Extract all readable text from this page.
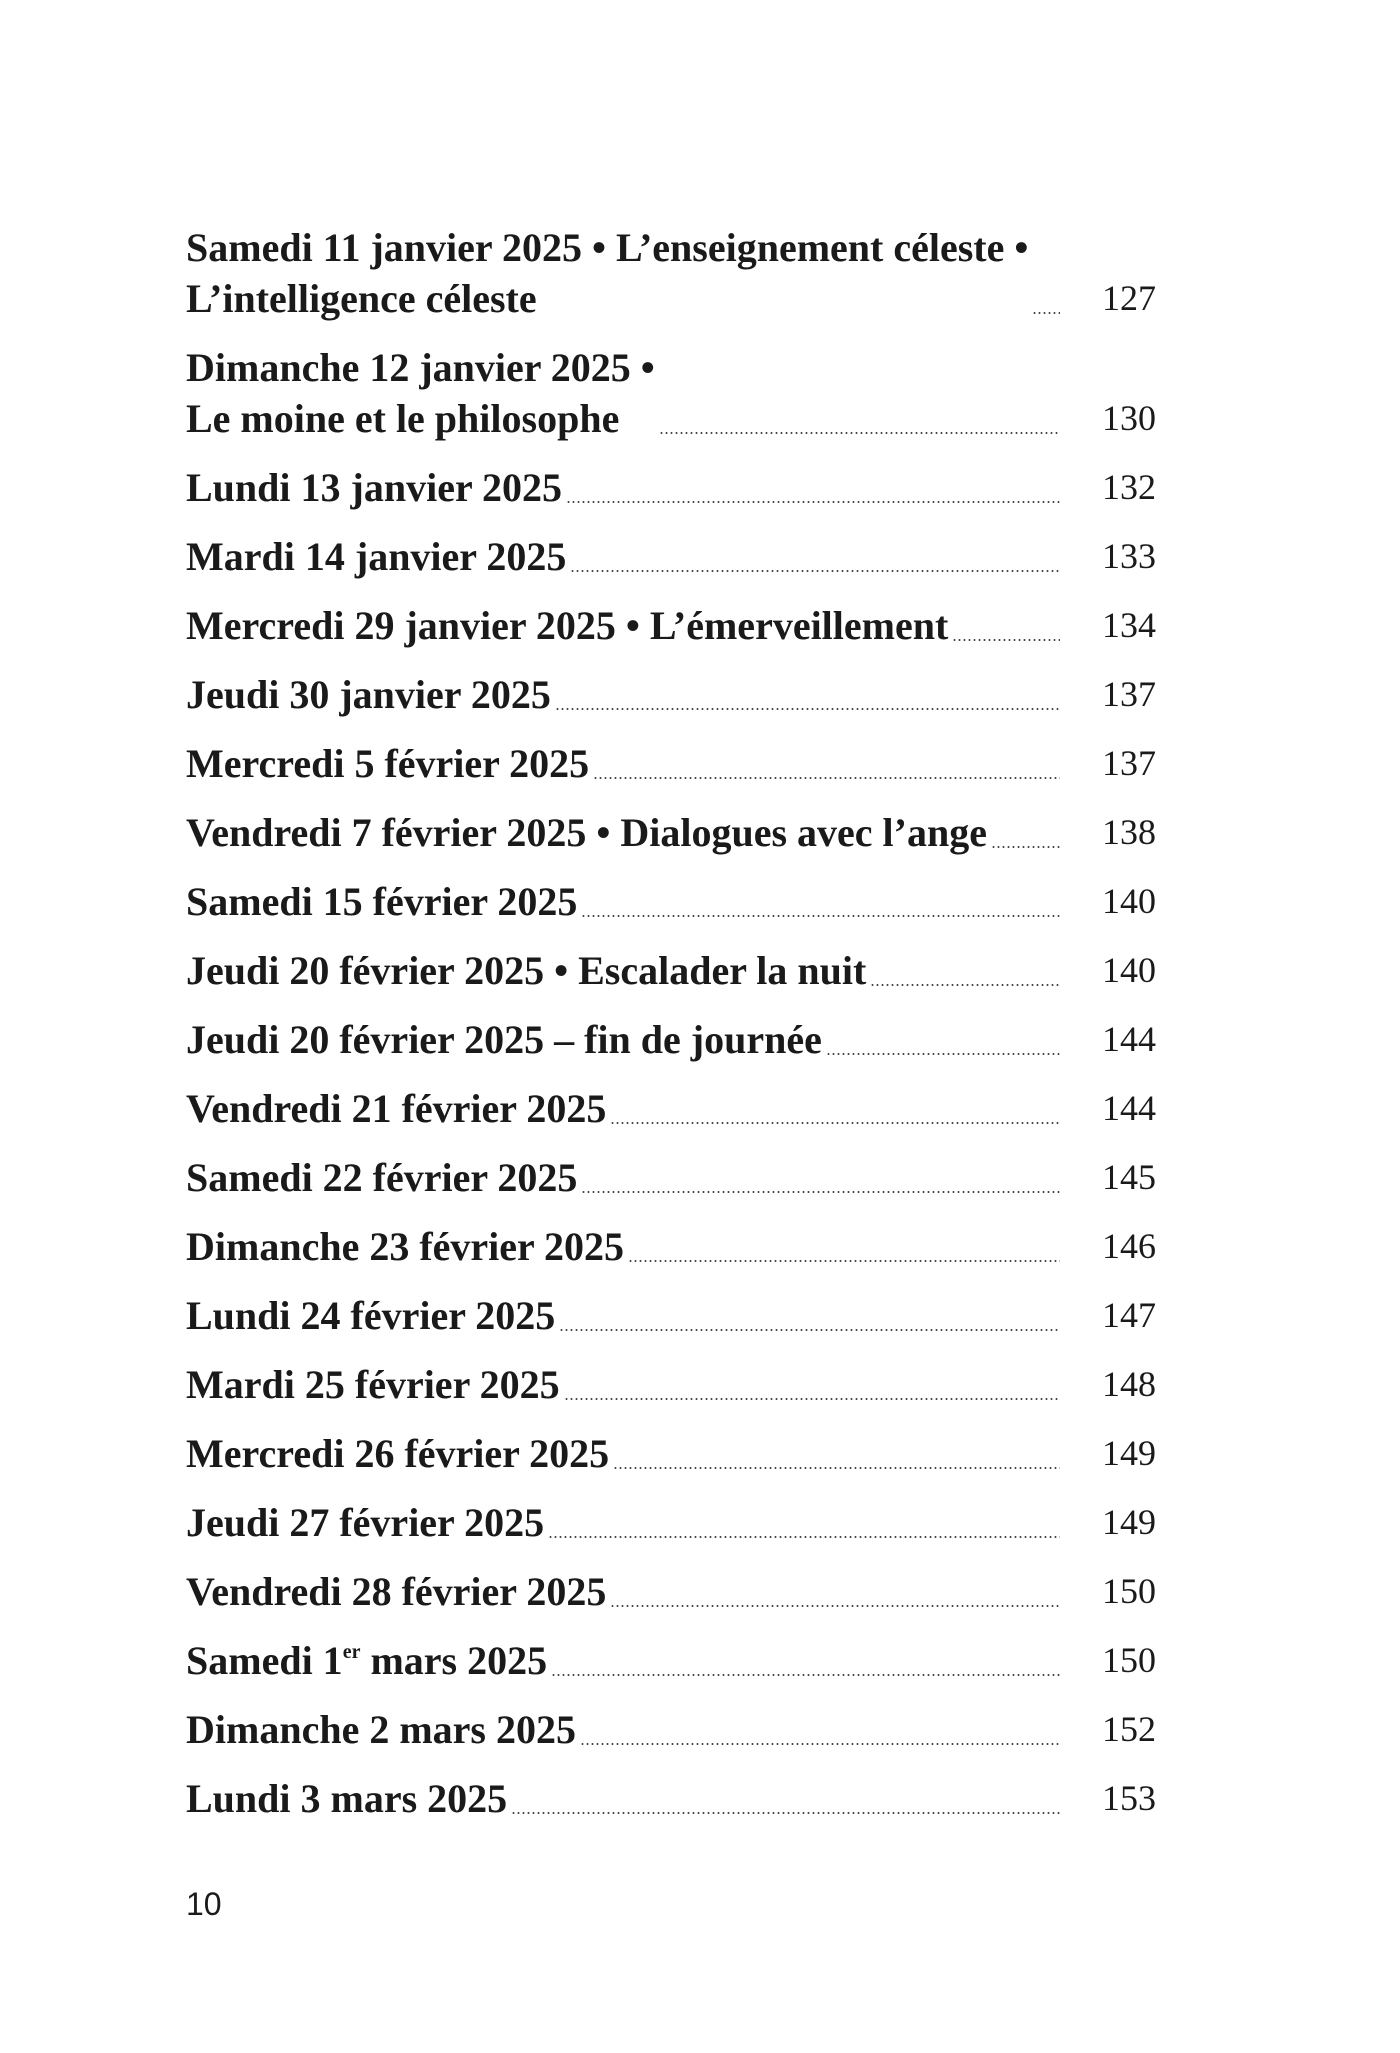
Samedi 11 janvier 2025 • L’enseignement céleste •
L’intelligence céleste	127
Dimanche 12 janvier 2025 •
Le moine et le philosophe	130
Lundi 13 janvier 2025	132
Mardi 14 janvier 2025	133
Mercredi 29 janvier 2025 • L’émerveillement	134
Jeudi 30 janvier 2025	137
Mercredi 5 février 2025	137
Vendredi 7 février 2025 • Dialogues avec l’ange	138
Samedi 15 février 2025	140
Jeudi 20 février 2025 • Escalader la nuit	140
Jeudi 20 février 2025 – fin de journée	144
Vendredi 21 février 2025	144
Samedi 22 février 2025	145
Dimanche 23 février 2025	146
Lundi 24 février 2025	147
Mardi 25 février 2025	148
Mercredi 26 février 2025	149
Jeudi 27 février 2025	149
Vendredi 28 février 2025	150
Samedi 1er mars 2025	150
Dimanche 2 mars 2025	152
Lundi 3 mars 2025	153
10
